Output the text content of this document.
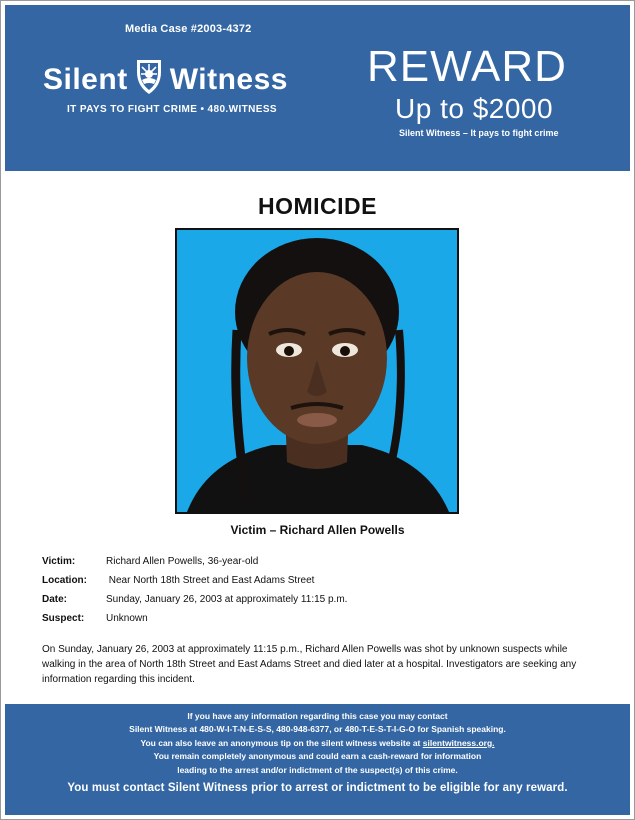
Media Case #2003-4372
Silent Witness
IT PAYS TO FIGHT CRIME • 480.WITNESS
REWARD
Up to $2000
Silent Witness – It pays to fight crime
HOMICIDE
Victim – Richard Allen Powells
Victim:	Richard Allen Powells, 36-year-old
Location:	Near North 18th Street and East Adams Street
Date:	Sunday, January 26, 2003 at approximately 11:15 p.m.
Suspect:	Unknown
On Sunday, January 26, 2003 at approximately 11:15 p.m., Richard Allen Powells was shot by unknown suspects while walking in the area of North 18th Street and East Adams Street and died later at a hospital. Investigators are seeking any information regarding this incident.
If you have any information regarding this case you may contact
Silent Witness at 480-W-I-T-N-E-S-S, 480-948-6377, or 480-T-E-S-T-I-G-O for Spanish speaking.
You can also leave an anonymous tip on the silent witness website at silentwitness.org.
You remain completely anonymous and could earn a cash-reward for information
leading to the arrest and/or indictment of the suspect(s) of this crime.
You must contact Silent Witness prior to arrest or indictment to be eligible for any reward.
